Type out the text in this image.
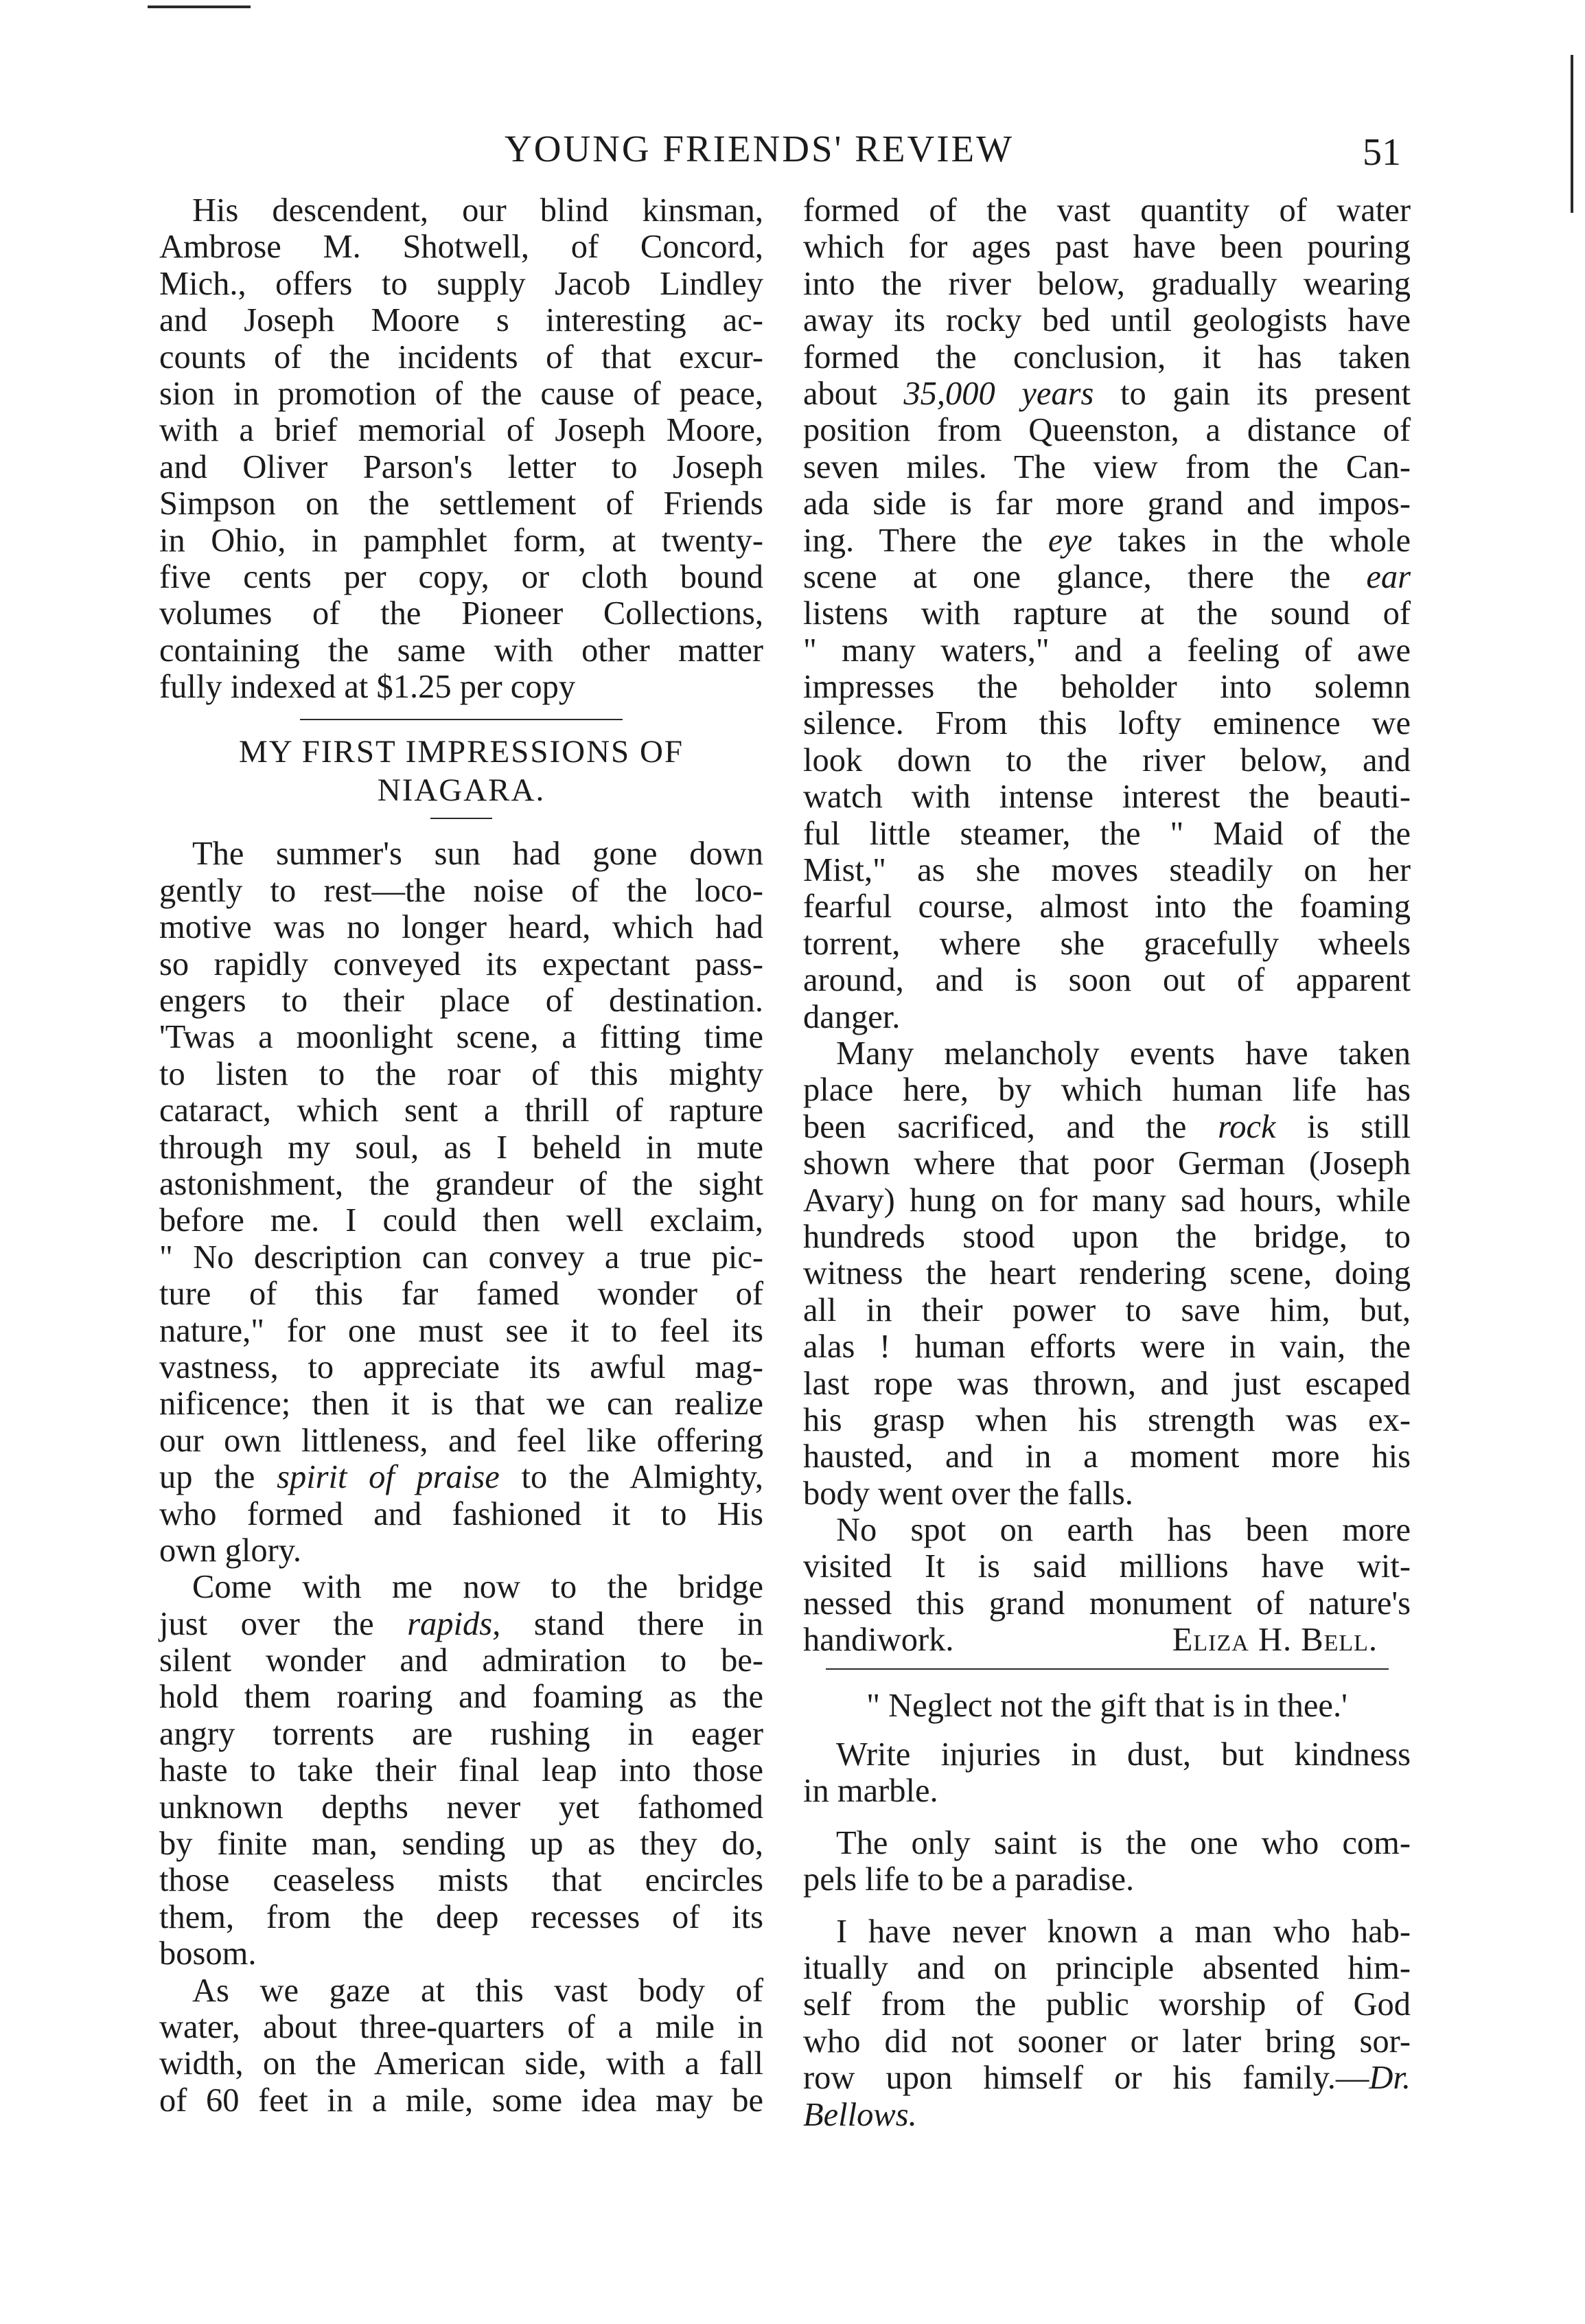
YOUNG FRIENDS' REVIEW	51
His descendent, our blind kinsman,
Ambrose M. Shotwell, of Concord,
Mich., offers to supply Jacob Lindley
and Joseph Moore s interesting ac-
counts of the incidents of that excur-
sion in promotion of the cause of peace,
with a brief memorial of Joseph Moore,
and Oliver Parson's letter to Joseph
Simpson on the settlement of Friends
in Ohio, in pamphlet form, at twenty-
five cents per copy, or cloth bound
volumes of the Pioneer Collections,
containing the same with other matter
fully indexed at $1.25 per copy
MY FIRST IMPRESSIONS OF
NIAGARA.
The summer's sun had gone down
gently to rest—the noise of the loco-
motive was no longer heard, which had
so rapidly conveyed its expectant pass-
engers to their place of destination.
'Twas a moonlight scene, a fitting time
to listen to the roar of this mighty
cataract, which sent a thrill of rapture
through my soul, as I beheld in mute
astonishment, the grandeur of the sight
before me. I could then well exclaim,
" No description can convey a true pic-
ture of this far famed wonder of
nature," for one must see it to feel its
vastness, to appreciate its awful mag-
nificence; then it is that we can realize
our own littleness, and feel like offering
up the spirit of praise to the Almighty,
who formed and fashioned it to His
own glory.
Come with me now to the bridge
just over the rapids, stand there in
silent wonder and admiration to be-
hold them roaring and foaming as the
angry torrents are rushing in eager
haste to take their final leap into those
unknown depths never yet fathomed
by finite man, sending up as they do,
those ceaseless mists that encircles
them, from the deep recesses of its
bosom.
As we gaze at this vast body of
water, about three-quarters of a mile in
width, on the American side, with a fall
of 60 feet in a mile, some idea may be
formed of the vast quantity of water
which for ages past have been pouring
into the river below, gradually wearing
away its rocky bed until geologists have
formed the conclusion, it has taken
about 35,000 years to gain its present
position from Queenston, a distance of
seven miles. The view from the Can-
ada side is far more grand and impos-
ing. There the eye takes in the whole
scene at one glance, there the ear
listens with rapture at the sound of
" many waters," and a feeling of awe
impresses the beholder into solemn
silence. From this lofty eminence we
look down to the river below, and
watch with intense interest the beauti-
ful little steamer, the " Maid of the
Mist," as she moves steadily on her
fearful course, almost into the foaming
torrent, where she gracefully wheels
around, and is soon out of apparent
danger.
Many melancholy events have taken
place here, by which human life has
been sacrificed, and the rock is still
shown where that poor German (Joseph
Avary) hung on for many sad hours, while
hundreds stood upon the bridge, to
witness the heart rendering scene, doing
all in their power to save him, but,
alas ! human efforts were in vain, the
last rope was thrown, and just escaped
his grasp when his strength was ex-
hausted, and in a moment more his
body went over the falls.
No spot on earth has been more
visited It is said millions have wit-
nessed this grand monument of nature's
handiwork.	Eliza H. Bell.
" Neglect not the gift that is in thee.'
Write injuries in dust, but kindness
in marble.
The only saint is the one who com-
pels life to be a paradise.
I have never known a man who hab-
itually and on principle absented him-
self from the public worship of God
who did not sooner or later bring sor-
row upon himself or his family.—Dr.
Bellows.
